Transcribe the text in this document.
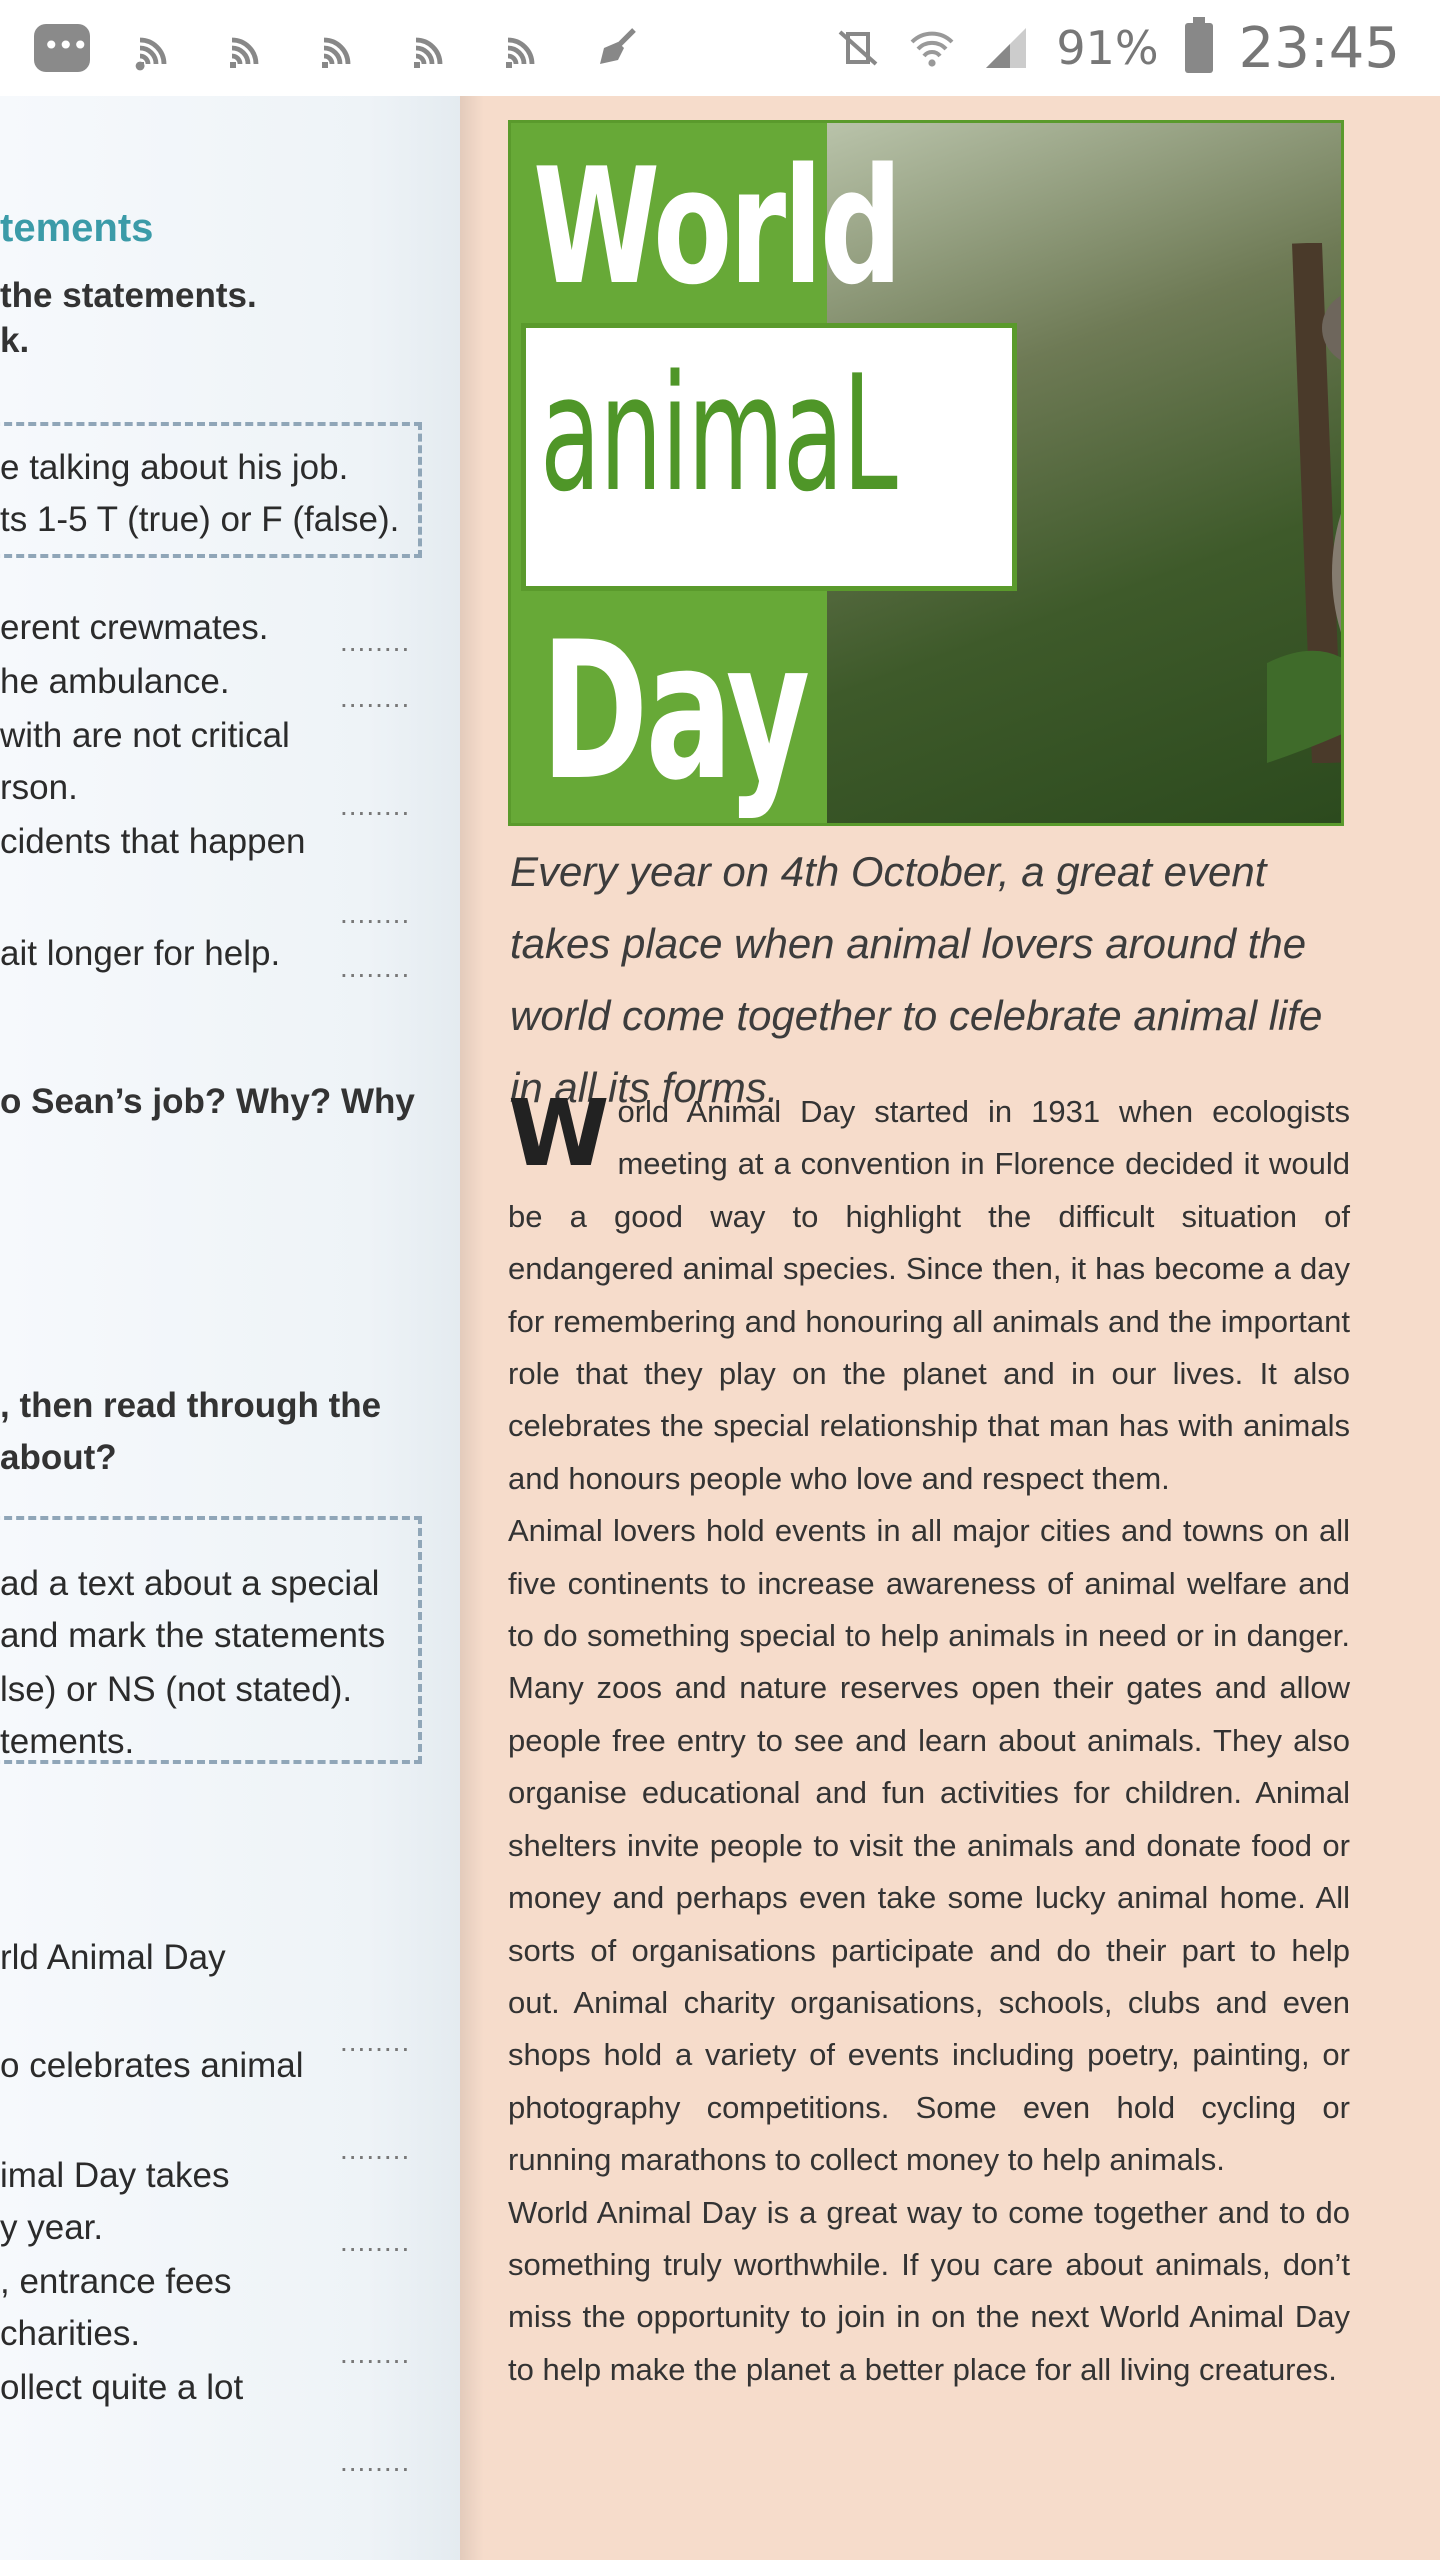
•••
91% 23:45
tements
the statements.
k.
e talking about his job.
ts 1-5 T (true) or F (false).
erent crewmates.
he ambulance.
with are not critical
rson.
cidents that happen
ait longer for help.
o Sean’s job? Why? Why
, then read through the
about?
ad a text about a special
and mark the statements
lse) or NS (not stated).
tements.
rld Animal Day
o celebrates animal
imal Day takes
y year.
, entrance fees
charities.
ollect quite a lot
........
........
........
........
........
........
........
........
........
........
World
animaL
Day
Every year on 4th October, a great event takes place when animal lovers around the world come together to celebrate animal life in all its forms.

World Animal Day started in 1931 when ecologists meeting at a convention in Florence decided it would be a good way to highlight the difficult situation of endangered animal species. Since then, it has become a day for remembering and honouring all animals and the important role that they play on the planet and in our lives. It also celebrates the special relationship that man has with animals and honours people who love and respect them.

Animal lovers hold events in all major cities and towns on all five continents to increase awareness of animal welfare and to do something special to help animals in need or in danger. Many zoos and nature reserves open their gates and allow people free entry to see and learn about animals. They also organise educational and fun activities for children. Animal shelters invite people to visit the animals and donate food or money and perhaps even take some lucky animal home. All sorts of organisations participate and do their part to help out. Animal charity organisations, schools, clubs and even shops hold a variety of events including poetry, painting, or photography competitions. Some even hold cycling or running marathons to collect money to help animals.

World Animal Day is a great way to come together and to do something truly worthwhile. If you care about animals, don’t miss the opportunity to join in on the next World Animal Day to help make the planet a better place for all living creatures.
